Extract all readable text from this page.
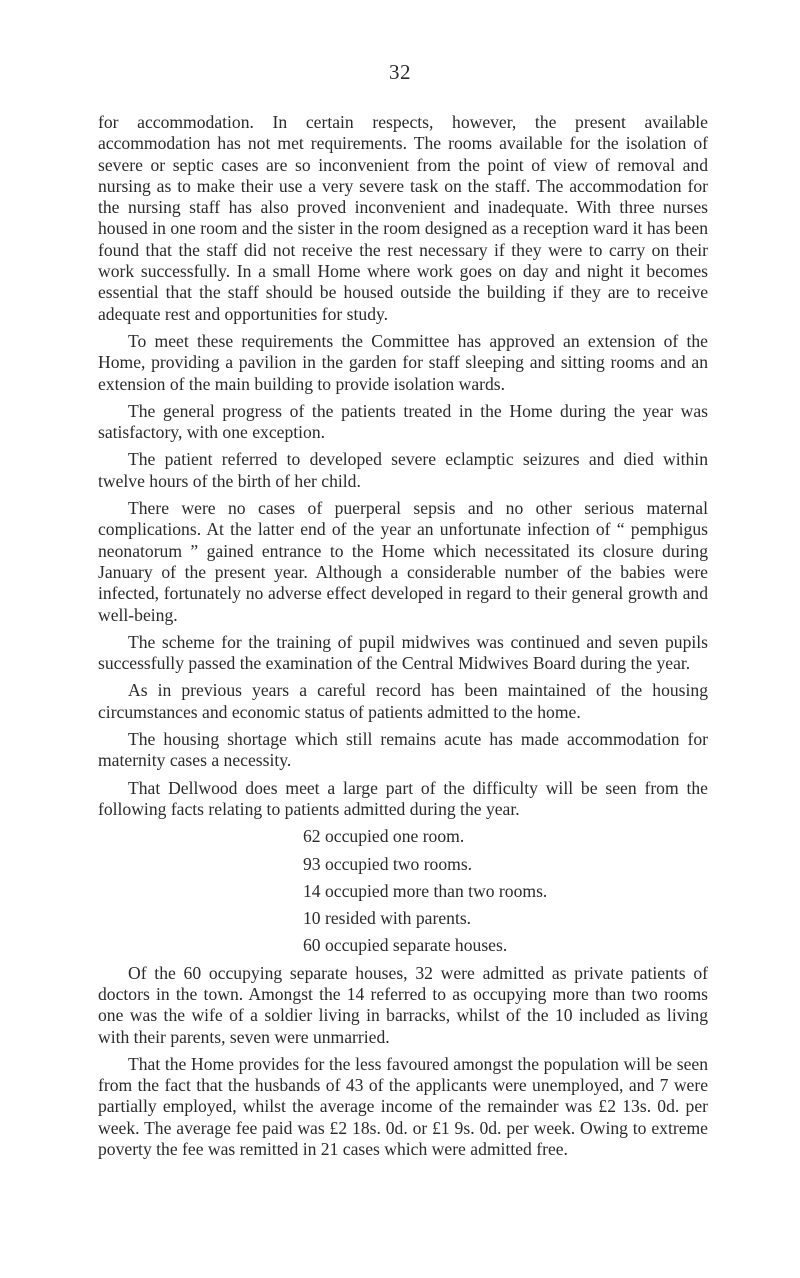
32

for accommodation. In certain respects, however, the present available accommodation has not met requirements. The rooms available for the isolation of severe or septic cases are so inconvenient from the point of view of removal and nursing as to make their use a very severe task on the staff. The accommodation for the nursing staff has also proved inconvenient and inadequate. With three nurses housed in one room and the sister in the room designed as a reception ward it has been found that the staff did not receive the rest necessary if they were to carry on their work successfully. In a small Home where work goes on day and night it becomes essential that the staff should be housed outside the building if they are to receive adequate rest and opportunities for study.

To meet these requirements the Committee has approved an extension of the Home, providing a pavilion in the garden for staff sleeping and sitting rooms and an extension of the main building to provide isolation wards.

The general progress of the patients treated in the Home during the year was satisfactory, with one exception.

The patient referred to developed severe eclamptic seizures and died within twelve hours of the birth of her child.

There were no cases of puerperal sepsis and no other serious maternal complications. At the latter end of the year an unfortunate infection of “ pemphigus neonatorum ” gained entrance to the Home which necessitated its closure during January of the present year. Although a considerable number of the babies were infected, fortunately no adverse effect developed in regard to their general growth and well-being.

The scheme for the training of pupil midwives was continued and seven pupils successfully passed the examination of the Central Midwives Board during the year.

As in previous years a careful record has been maintained of the housing circumstances and economic status of patients admitted to the home.

The housing shortage which still remains acute has made accommodation for maternity cases a necessity.

That Dellwood does meet a large part of the difficulty will be seen from the following facts relating to patients admitted during the year.

62 occupied one room.
93 occupied two rooms.
14 occupied more than two rooms.
10 resided with parents.
60 occupied separate houses.

Of the 60 occupying separate houses, 32 were admitted as private patients of doctors in the town. Amongst the 14 referred to as occupying more than two rooms one was the wife of a soldier living in barracks, whilst of the 10 included as living with their parents, seven were unmarried.

That the Home provides for the less favoured amongst the population will be seen from the fact that the husbands of 43 of the applicants were unemployed, and 7 were partially employed, whilst the average income of the remainder was £2 13s. 0d. per week. The average fee paid was £2 18s. 0d. or £1 9s. 0d. per week. Owing to extreme poverty the fee was remitted in 21 cases which were admitted free.
